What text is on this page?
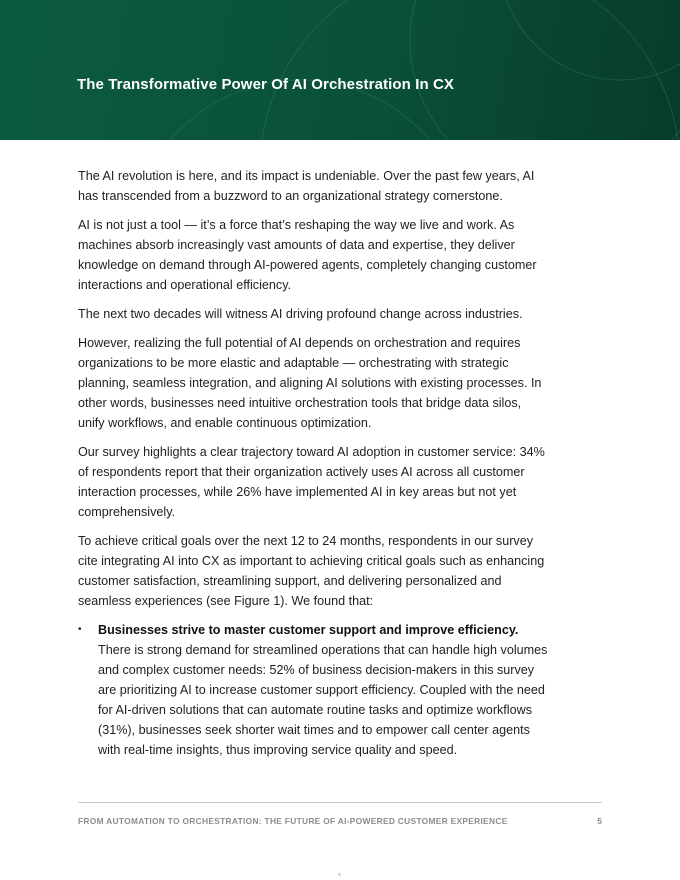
The Transformative Power Of AI Orchestration In CX

The AI revolution is here, and its impact is undeniable. Over the past few years, AI has transcended from a buzzword to an organizational strategy cornerstone.

AI is not just a tool — it’s a force that’s reshaping the way we live and work. As machines absorb increasingly vast amounts of data and expertise, they deliver knowledge on demand through AI-powered agents, completely changing customer interactions and operational efficiency.

The next two decades will witness AI driving profound change across industries.

However, realizing the full potential of AI depends on orchestration and requires organizations to be more elastic and adaptable — orchestrating with strategic planning, seamless integration, and aligning AI solutions with existing processes. In other words, businesses need intuitive orchestration tools that bridge data silos, unify workflows, and enable continuous optimization.

Our survey highlights a clear trajectory toward AI adoption in customer service: 34% of respondents report that their organization actively uses AI across all customer interaction processes, while 26% have implemented AI in key areas but not yet comprehensively.

To achieve critical goals over the next 12 to 24 months, respondents in our survey cite integrating AI into CX as important to achieving critical goals such as enhancing customer satisfaction, streamlining support, and delivering personalized and seamless experiences (see Figure 1). We found that:

•	Businesses strive to master customer support and improve efficiency. There is strong demand for streamlined operations that can handle high volumes and complex customer needs: 52% of business decision-makers in this survey are prioritizing AI to increase customer support efficiency. Coupled with the need for AI-driven solutions that can automate routine tasks and optimize workflows (31%), businesses seek shorter wait times and to empower call center agents with real-time insights, thus improving service quality and speed.
FROM AUTOMATION TO ORCHESTRATION: THE FUTURE OF AI-POWERED CUSTOMER EXPERIENCE	5
